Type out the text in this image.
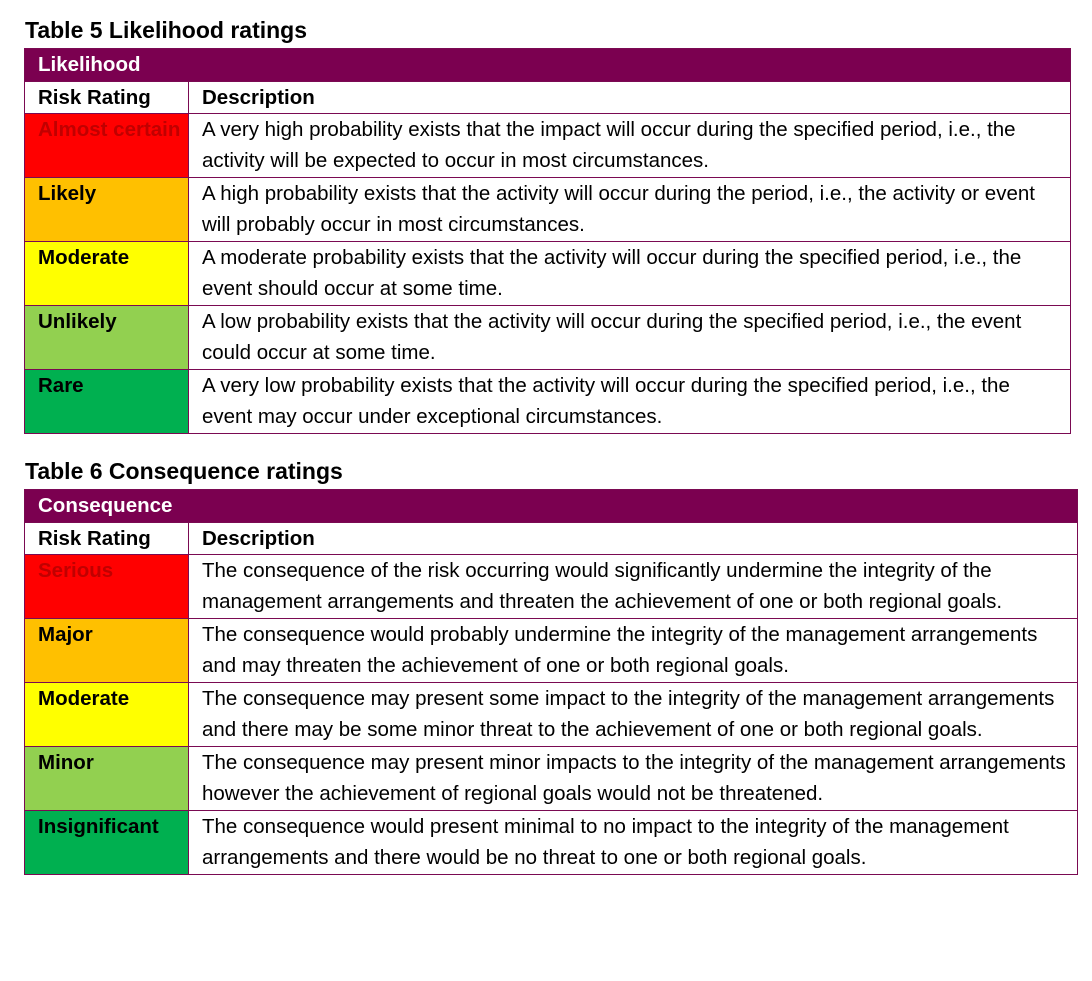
Table 5 Likelihood ratings
Likelihood	
Risk Rating	Description
Almost certain	A very high probability exists that the impact will occur during the specified period, i.e., the activity will be expected to occur in most circumstances.
Likely	A high probability exists that the activity will occur during the period, i.e., the activity or event will probably occur in most circumstances.
Moderate	A moderate probability exists that the activity will occur during the specified period, i.e., the event should occur at some time.
Unlikely	A low probability exists that the activity will occur during the specified period, i.e., the event could occur at some time.
Rare	A very low probability exists that the activity will occur during the specified period, i.e., the event may occur under exceptional circumstances.
Table 6 Consequence ratings
Consequence	
Risk Rating	Description
Serious	The consequence of the risk occurring would significantly undermine the integrity of the management arrangements and threaten the achievement of one or both regional goals.
Major	The consequence would probably undermine the integrity of the management arrangements and may threaten the achievement of one or both regional goals.
Moderate	The consequence may present some impact to the integrity of the management arrangements and there may be some minor threat to the achievement of one or both regional goals.
Minor	The consequence may present minor impacts to the integrity of the management arrangements however the achievement of regional goals would not be threatened.
Insignificant	The consequence would present minimal to no impact to the integrity of the management arrangements and there would be no threat to one or both regional goals.
